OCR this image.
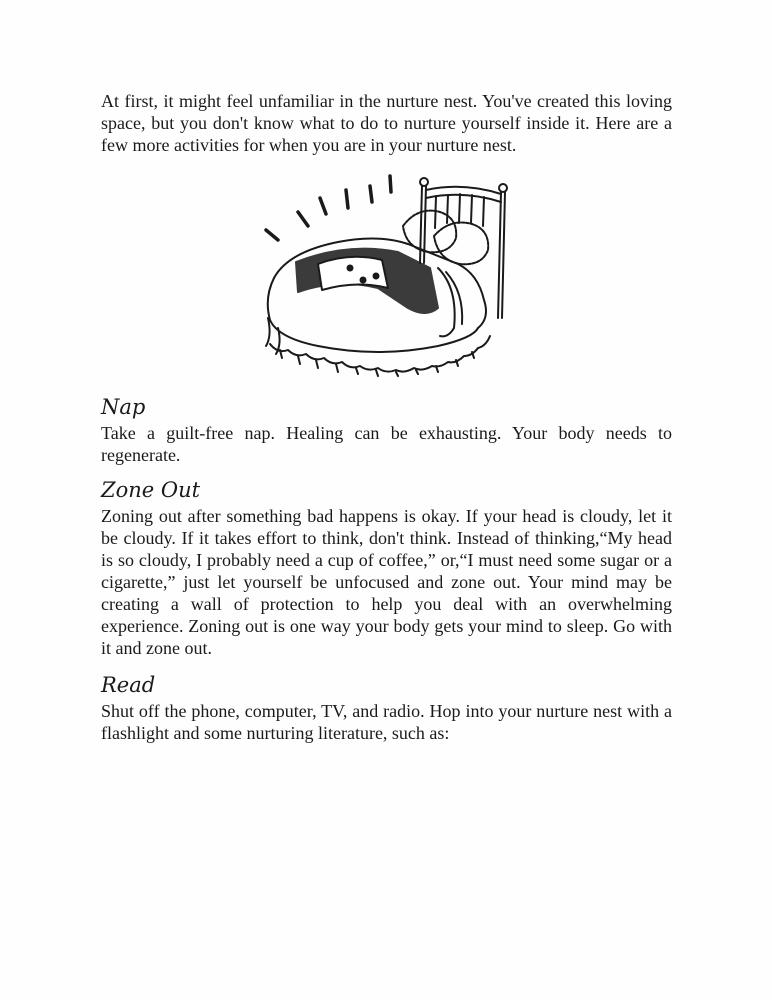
At first, it might feel unfamiliar in the nurture nest. You've created this loving space, but you don't know what to do to nurture yourself inside it. Here are a few more activities for when you are in your nurture nest.

Nap

Take a guilt-free nap. Healing can be exhausting. Your body needs to regenerate.

Zone Out

Zoning out after something bad happens is okay. If your head is cloudy, let it be cloudy. If it takes effort to think, don't think. Instead of thinking,“My head is so cloudy, I probably need a cup of coffee,” or,“I must need some sugar or a cigarette,” just let yourself be unfocused and zone out. Your mind may be creating a wall of protection to help you deal with an overwhelming experience. Zoning out is one way your body gets your mind to sleep. Go with it and zone out.

Read

Shut off the phone, computer, TV, and radio. Hop into your nurture nest with a flashlight and some nurturing literature, such as:
